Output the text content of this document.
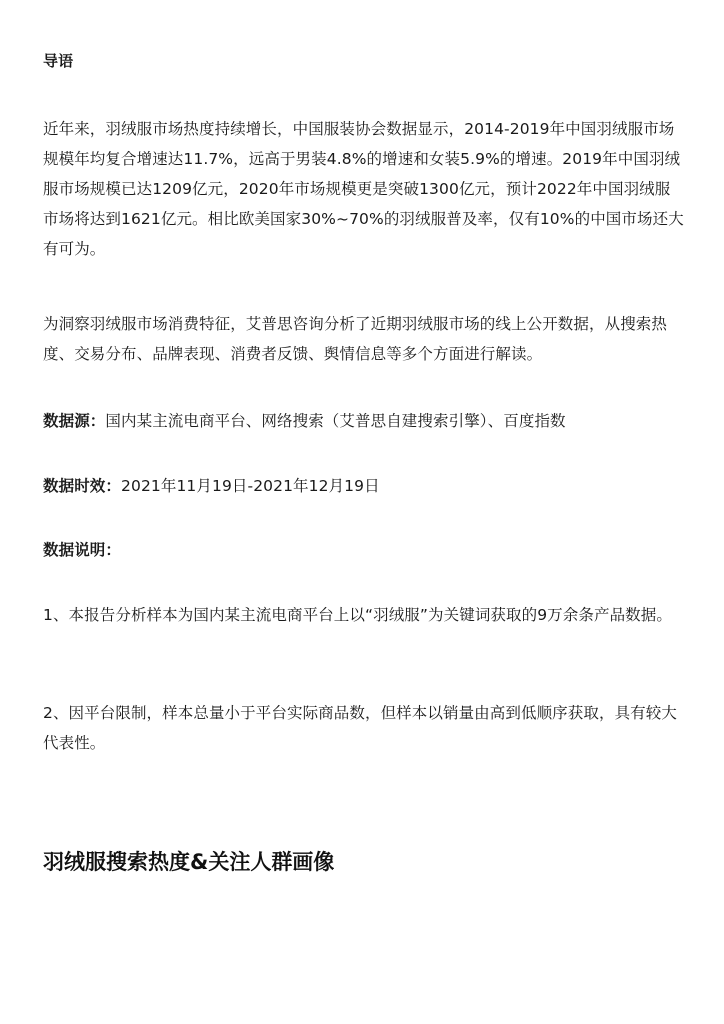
导语
近年来，羽绒服市场热度持续增长，中国服装协会数据显示，2014-2019年中国羽绒服市场规模年均复合增速达11.7%，远高于男装4.8%的增速和女装5.9%的增速。2019年中国羽绒服市场规模已达1209亿元，2020年市场规模更是突破1300亿元，预计2022年中国羽绒服市场将达到1621亿元。相比欧美国家30%~70%的羽绒服普及率，仅有10%的中国市场还大有可为。
为洞察羽绒服市场消费特征，艾普思咨询分析了近期羽绒服市场的线上公开数据，从搜索热度、交易分布、品牌表现、消费者反馈、舆情信息等多个方面进行解读。
数据源：国内某主流电商平台、网络搜索（艾普思自建搜索引擎）、百度指数
数据时效：2021年11月19日-2021年12月19日
数据说明：
1、本报告分析样本为国内某主流电商平台上以“羽绒服”为关键词获取的9万余条产品数据。
2、因平台限制，样本总量小于平台实际商品数，但样本以销量由高到低顺序获取，具有较大代表性。
羽绒服搜索热度&关注人群画像
